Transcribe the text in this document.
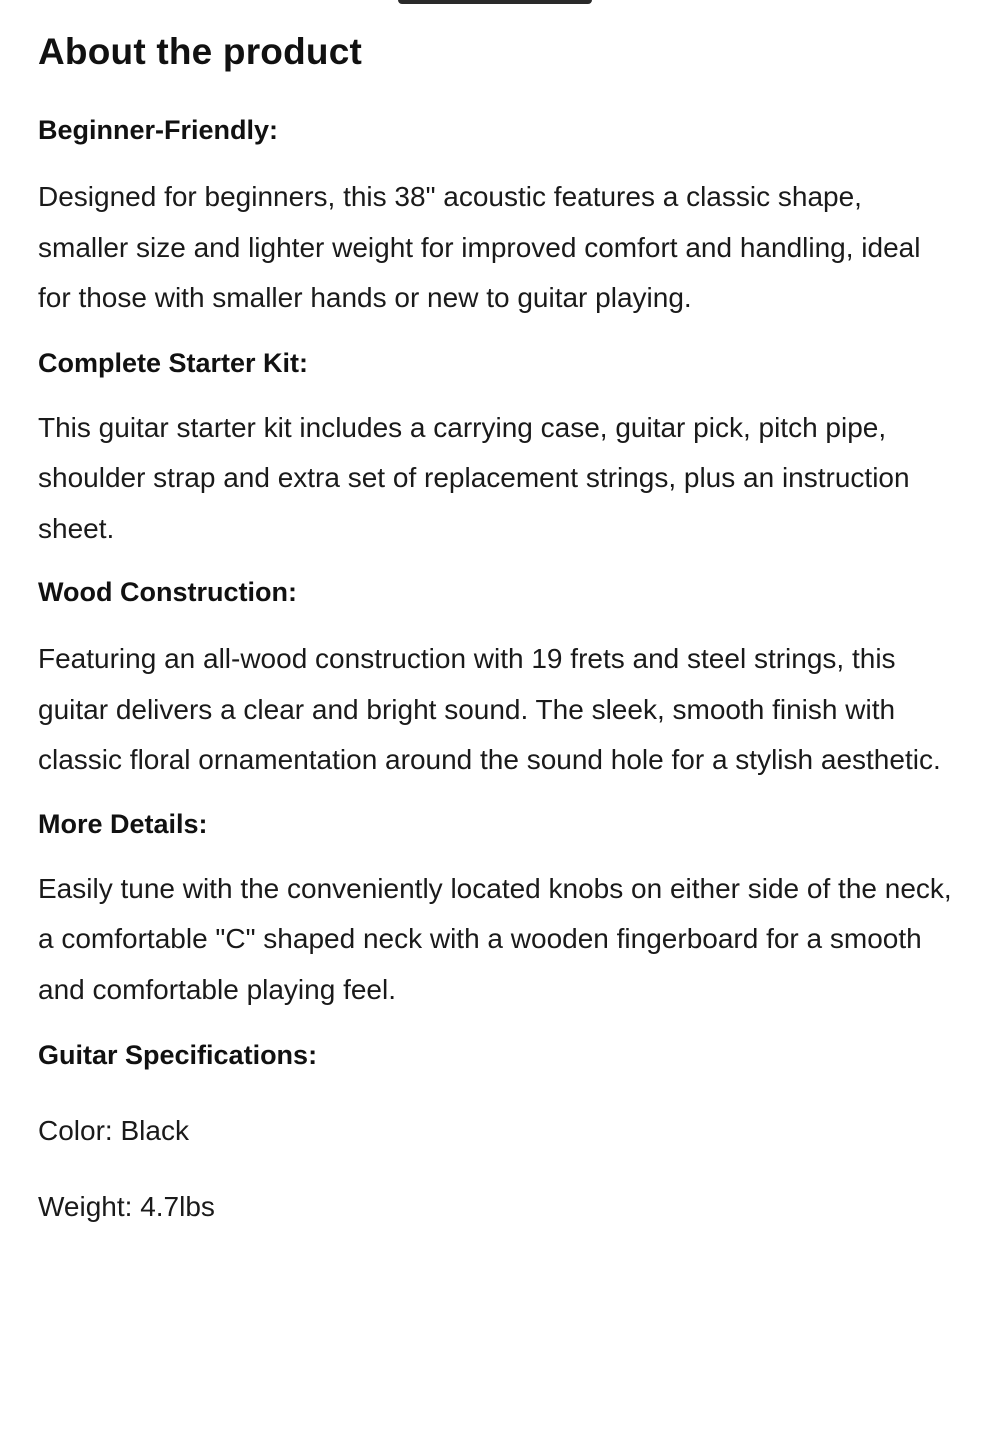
About the product
Beginner-Friendly:

Designed for beginners, this 38" acoustic features a classic shape, smaller size and lighter weight for improved comfort and handling, ideal for those with smaller hands or new to guitar playing.

Complete Starter Kit:

This guitar starter kit includes a carrying case, guitar pick, pitch pipe, shoulder strap and extra set of replacement strings, plus an instruction sheet.

Wood Construction:

Featuring an all-wood construction with 19 frets and steel strings, this guitar delivers a clear and bright sound. The sleek, smooth finish with classic floral ornamentation around the sound hole for a stylish aesthetic.

More Details:

Easily tune with the conveniently located knobs on either side of the neck, a comfortable "C" shaped neck with a wooden fingerboard for a smooth and comfortable playing feel.

Guitar Specifications:

Color: Black

Weight: 4.7lbs
